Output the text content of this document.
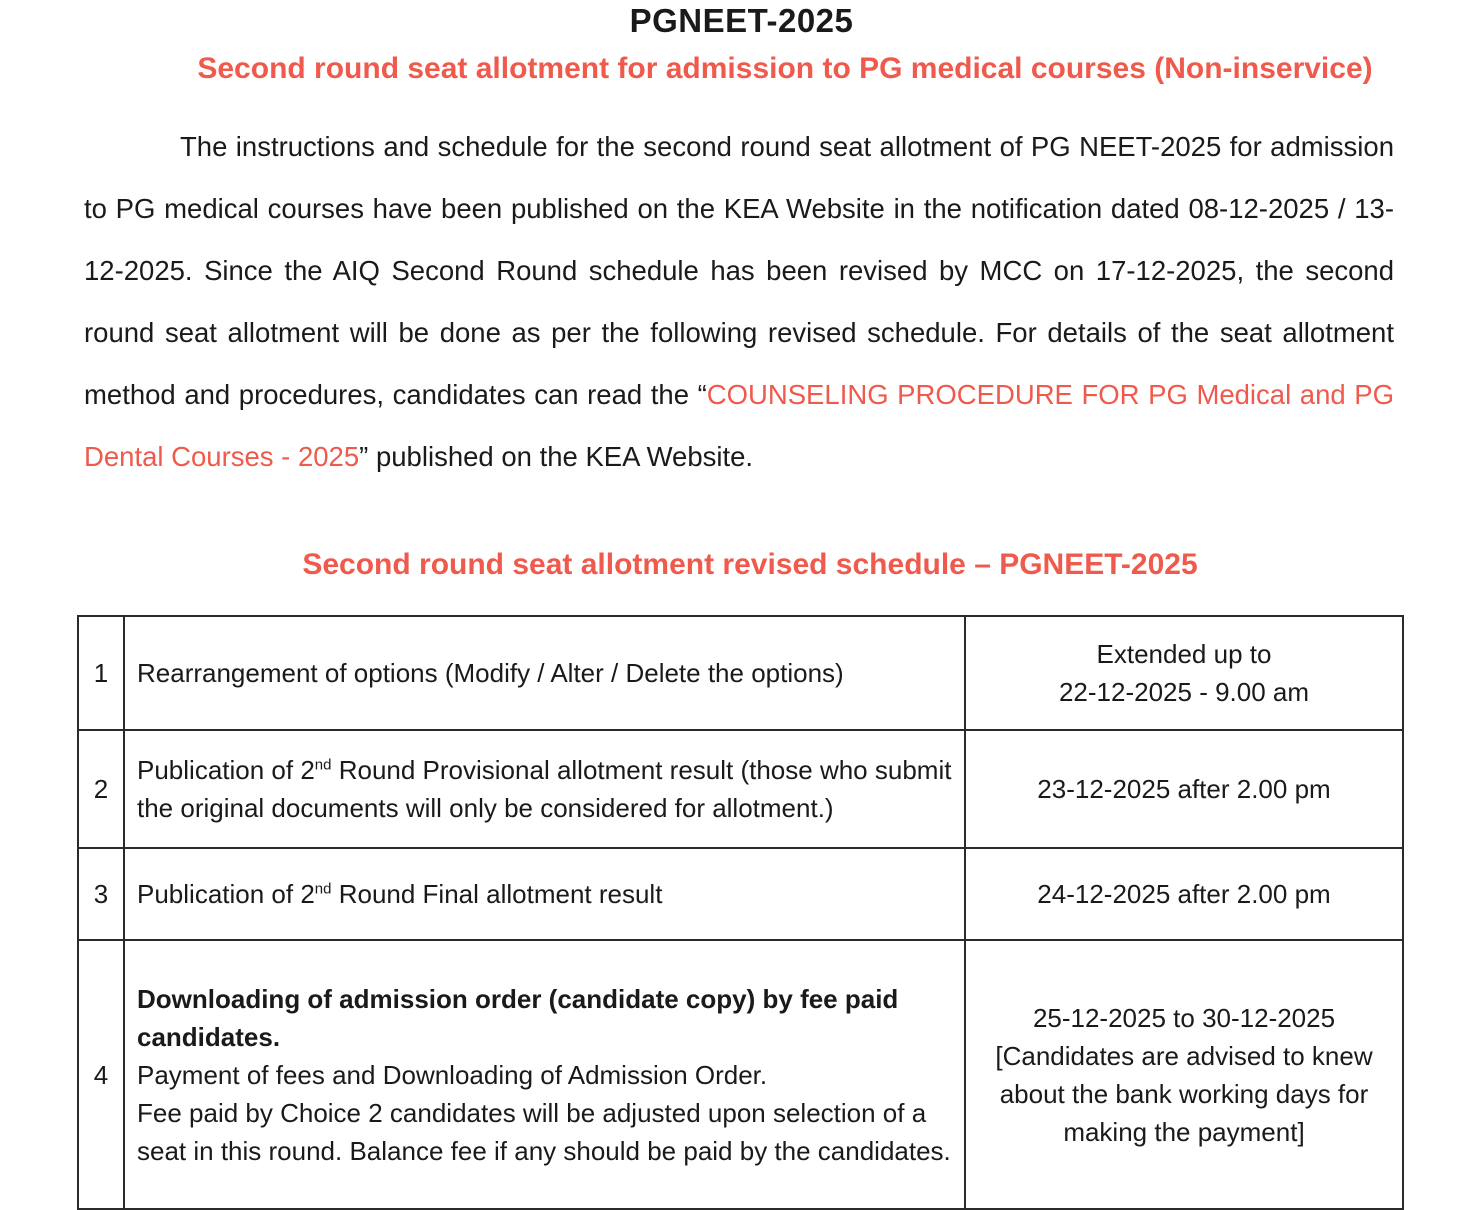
PGNEET-2025
Second round seat allotment for admission to PG medical courses (Non-inservice)

The instructions and schedule for the second round seat allotment of PG NEET-2025 for admission to PG medical courses have been published on the KEA Website in the notification dated 08-12-2025 / 13-12-2025. Since the AIQ Second Round schedule has been revised by MCC on 17-12-2025, the second round seat allotment will be done as per the following revised schedule. For details of the seat allotment method and procedures, candidates can read the “COUNSELING PROCEDURE FOR PG Medical and PG Dental Courses - 2025” published on the KEA Website.

Second round seat allotment revised schedule – PGNEET-2025
1	Rearrangement of options (Modify / Alter / Delete the options)	Extended up to
22-12-2025 - 9.00 am

2	Publication of 2nd Round Provisional allotment result (those who submit the original documents will only be considered for allotment.)	23-12-2025 after 2.00 pm
3	Publication of 2nd Round Final allotment result	24-12-2025 after 2.00 pm
4	Downloading of admission order (candidate copy) by fee paid candidates.
Payment of fees and Downloading of Admission Order.
Fee paid by Choice 2 candidates will be adjusted upon selection of a seat in this round. Balance fee if any should be paid by the candidates.	25-12-2025 to 30-12-2025
[Candidates are advised to knew about the bank working days for making the payment]
